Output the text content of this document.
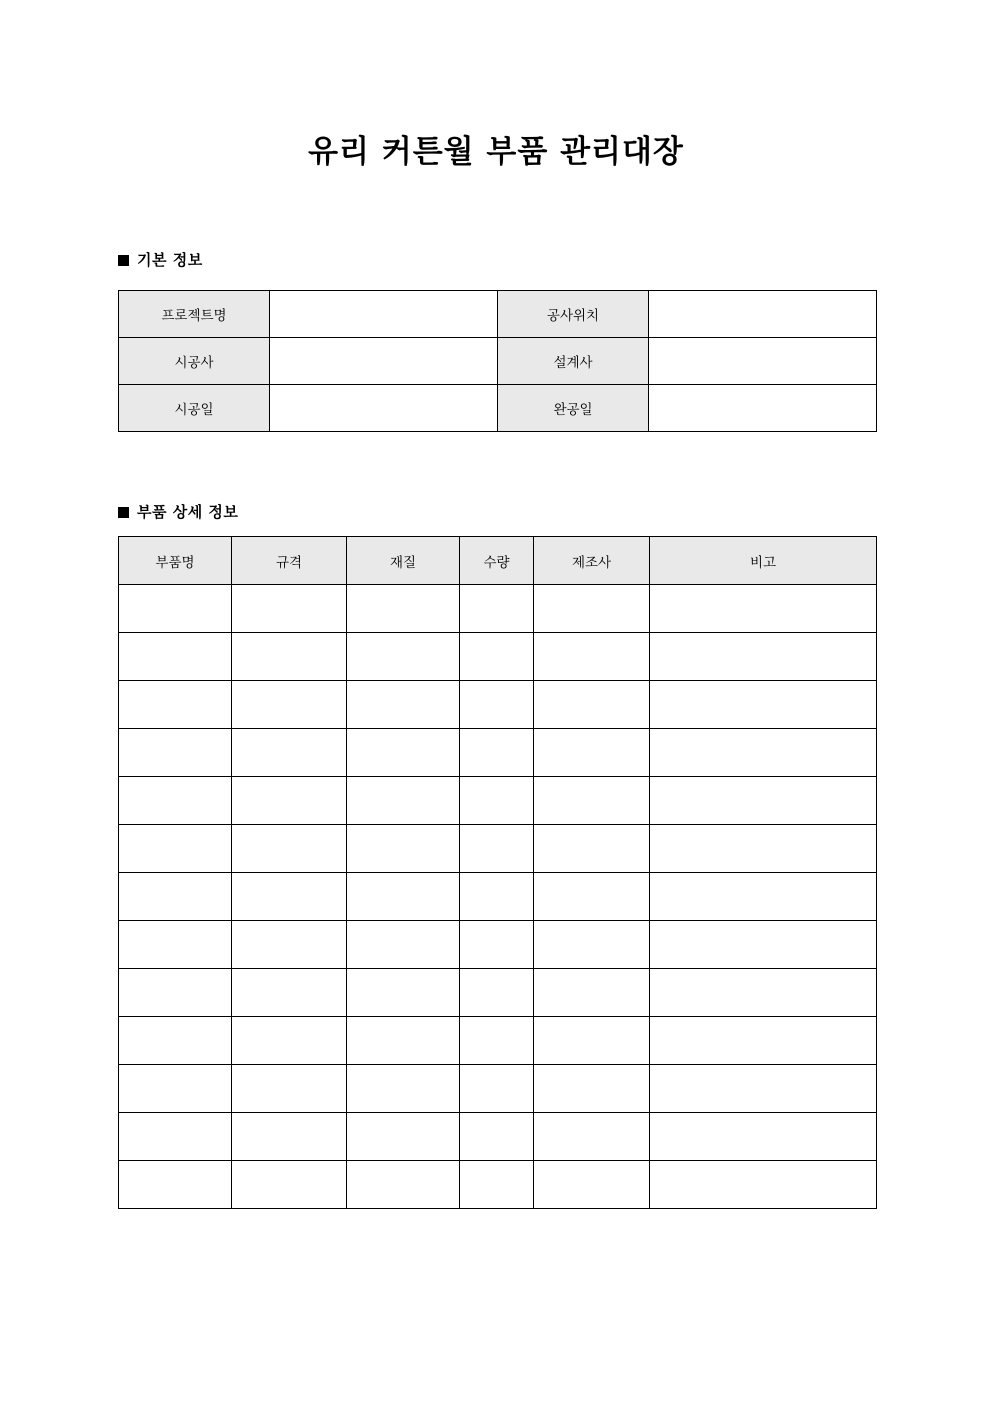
유리 커튼월 부품 관리대장
기본 정보
프로젝트명		공사위치	
시공사		설계사	
시공일		완공일	
부품 상세 정보
부품명	규격	재질	수량	제조사	비고
